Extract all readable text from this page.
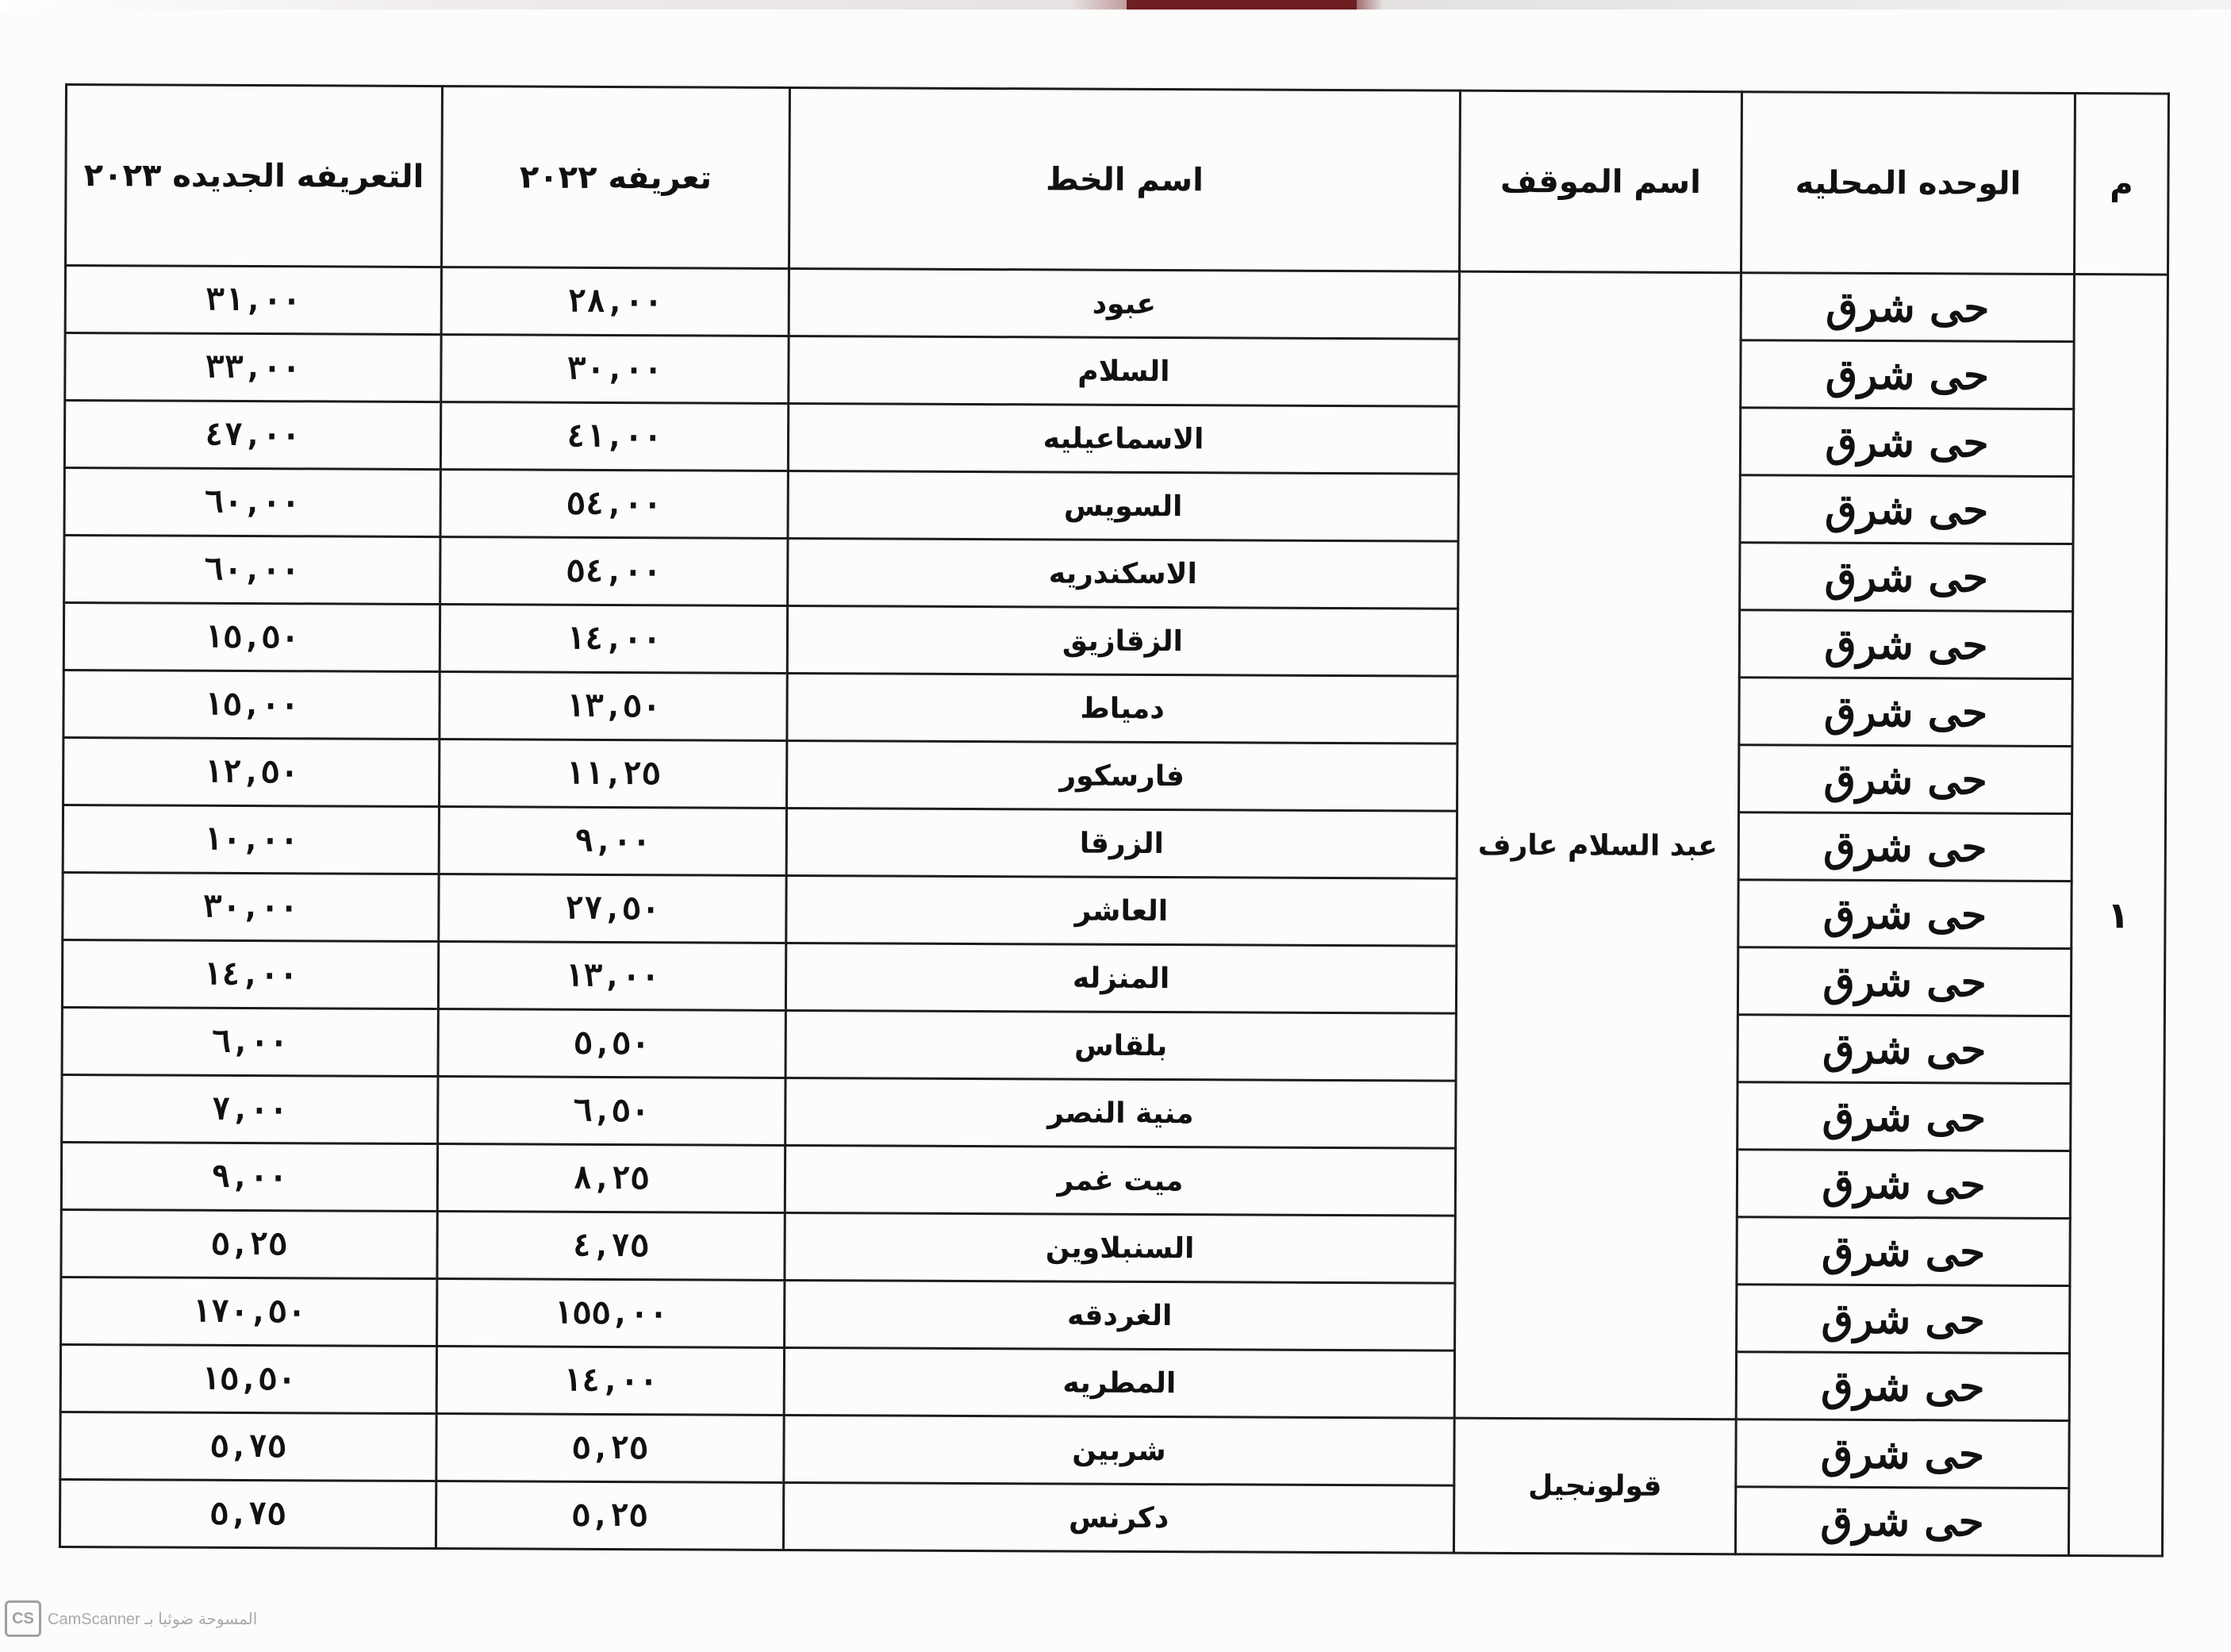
م	الوحده المحليه	اسم الموقف	اسم الخط	تعريفه ٢٠٢٢	التعريفه الجديده ٢٠٢٣
١	حى شرق	عبد السلام عارف	عبود	٢٨,٠٠	٣١,٠٠
	حى شرق		السلام	٣٠,٠٠	٣٣,٠٠
	حى شرق		الاسماعيليه	٤١,٠٠	٤٧,٠٠
	حى شرق		السويس	٥٤,٠٠	٦٠,٠٠
	حى شرق		الاسكندريه	٥٤,٠٠	٦٠,٠٠
	حى شرق		الزقازيق	١٤,٠٠	١٥,٥٠
	حى شرق		دمياط	١٣,٥٠	١٥,٠٠
	حى شرق		فارسكور	١١,٢٥	١٢,٥٠
	حى شرق		الزرقا	٩,٠٠	١٠,٠٠
	حى شرق		العاشر	٢٧,٥٠	٣٠,٠٠
	حى شرق		المنزله	١٣,٠٠	١٤,٠٠
	حى شرق		بلقاس	٥,٥٠	٦,٠٠
	حى شرق		منية النصر	٦,٥٠	٧,٠٠
	حى شرق		ميت غمر	٨,٢٥	٩,٠٠
	حى شرق		السنبلاوين	٤,٧٥	٥,٢٥
	حى شرق		الغردقه	١٥٥,٠٠	١٧٠,٥٠
	حى شرق		المطريه	١٤,٠٠	١٥,٥٠
	حى شرق	قولونجيل	شربين	٥,٢٥	٥,٧٥
	حى شرق		دكرنس	٥,٢٥	٥,٧٥
CS CamScanner المسوحة ضوئيا بـ
